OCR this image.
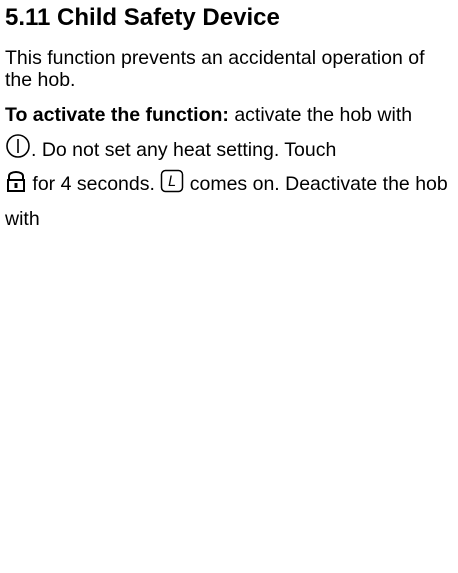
5.11 Child Safety Device
This function prevents an accidental operation of the hob.
To activate the function: activate the hob with

. Do not set any heat setting. Touch

for 4 seconds. L comes on. Deactivate the hob with
